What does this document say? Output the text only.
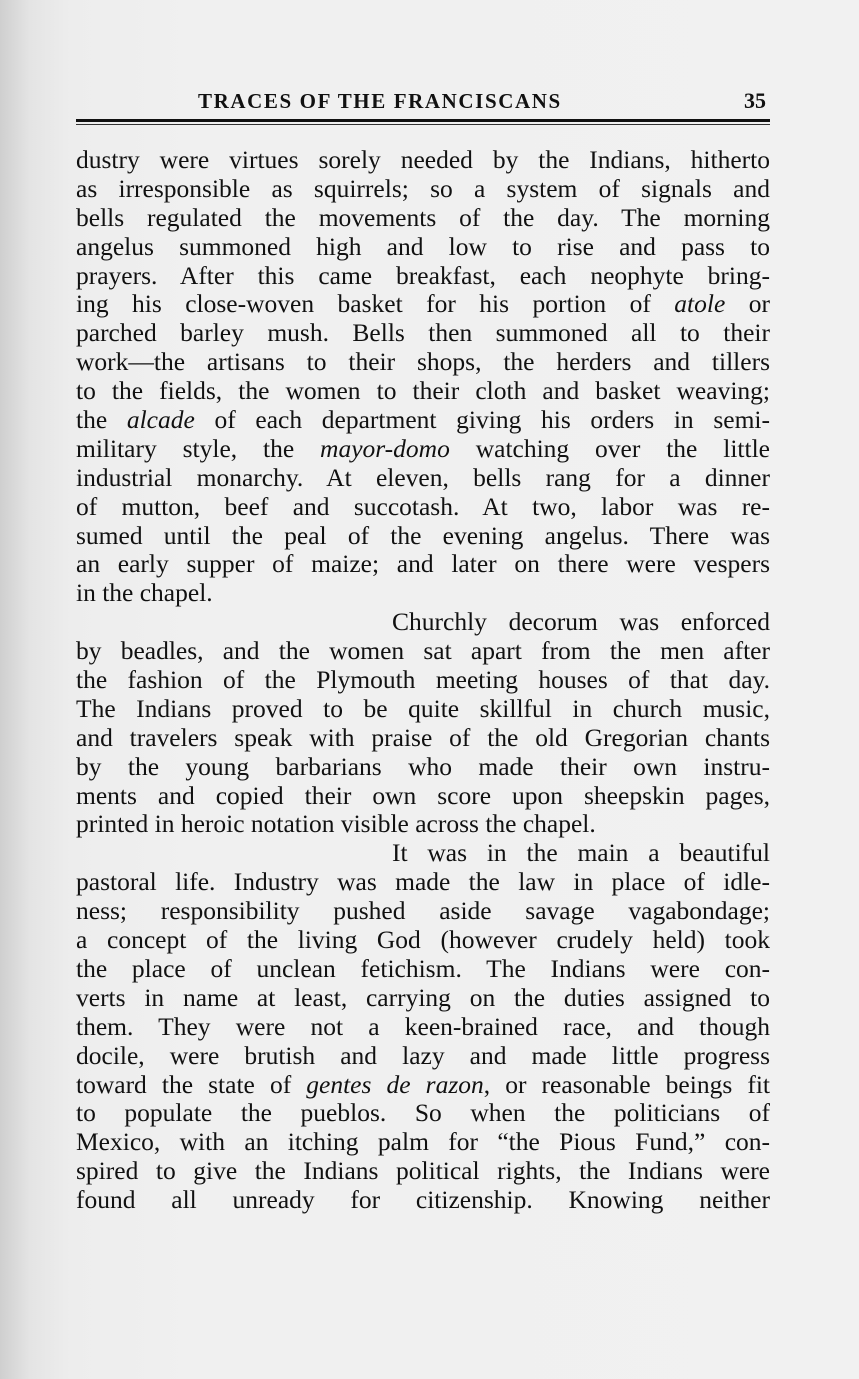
TRACES OF THE FRANCISCANS	35
dustry were virtues sorely needed by the Indians, hitherto
as irresponsible as squirrels; so a system of signals and
bells regulated the movements of the day. The morning
angelus summoned high and low to rise and pass to
prayers. After this came breakfast, each neophyte bring-
ing his close-woven basket for his portion of atole or
parched barley mush. Bells then summoned all to their
work—the artisans to their shops, the herders and tillers
to the fields, the women to their cloth and basket weaving;
the alcade of each department giving his orders in semi-
military style, the mayor-domo watching over the little
industrial monarchy. At eleven, bells rang for a dinner
of mutton, beef and succotash. At two, labor was re-
sumed until the peal of the evening angelus. There was
an early supper of maize; and later on there were vespers
in the chapel.
Churchly decorum was enforced
by beadles, and the women sat apart from the men after
the fashion of the Plymouth meeting houses of that day.
The Indians proved to be quite skillful in church music,
and travelers speak with praise of the old Gregorian chants
by the young barbarians who made their own instru-
ments and copied their own score upon sheepskin pages,
printed in heroic notation visible across the chapel.
It was in the main a beautiful
pastoral life. Industry was made the law in place of idle-
ness; responsibility pushed aside savage vagabondage;
a concept of the living God (however crudely held) took
the place of unclean fetichism. The Indians were con-
verts in name at least, carrying on the duties assigned to
them. They were not a keen-brained race, and though
docile, were brutish and lazy and made little progress
toward the state of gentes de razon, or reasonable beings fit
to populate the pueblos. So when the politicians of
Mexico, with an itching palm for “the Pious Fund,” con-
spired to give the Indians political rights, the Indians were
found all unready for citizenship. Knowing neither
